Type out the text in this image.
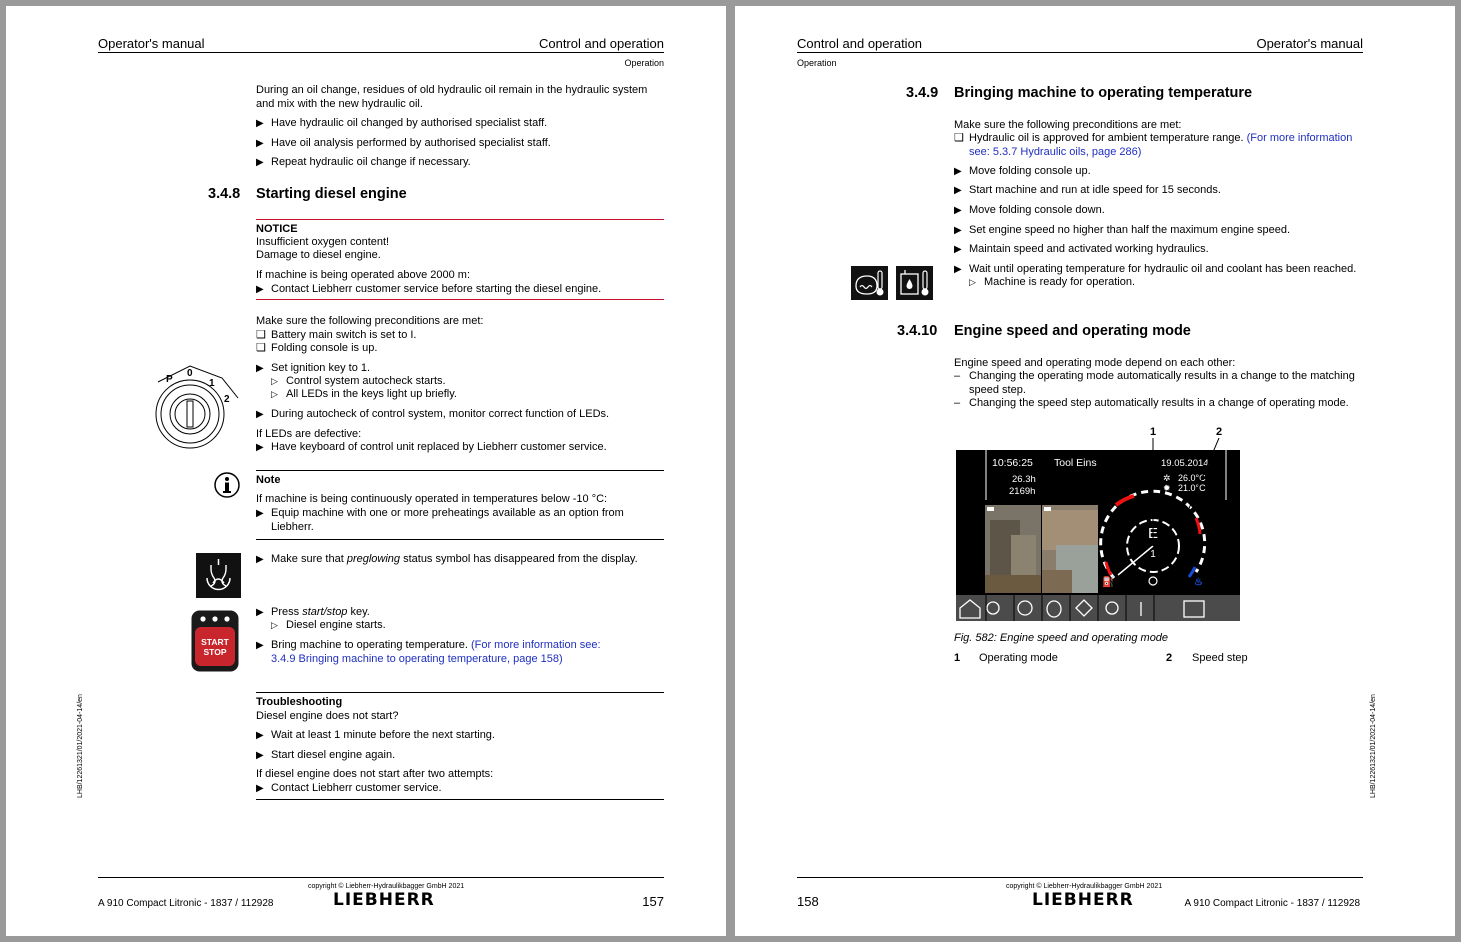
Operator's manual	Control and operation
Operation
During an oil change, residues of old hydraulic oil remain in the hydraulic system and mix with the new hydraulic oil.
▶ Have hydraulic oil changed by authorised specialist staff.
▶ Have oil analysis performed by authorised specialist staff.
▶ Repeat hydraulic oil change if necessary.
3.4.8 Starting diesel engine
NOTICE
Insufficient oxygen content!
Damage to diesel engine.
If machine is being operated above 2000 m:
▶ Contact Liebherr customer service before starting the diesel engine.
Make sure the following preconditions are met:
❑ Battery main switch is set to I.
❑ Folding console is up.
P
0
1
2
▶ Set ignition key to 1.
▷ Control system autocheck starts.
▷ All LEDs in the keys light up briefly.
▶ During autocheck of control system, monitor correct function of LEDs.
If LEDs are defective:
▶ Have keyboard of control unit replaced by Liebherr customer service.
Note
If machine is being continuously operated in temperatures below -10 °C:
▶ Equip machine with one or more preheatings available as an option from Liebherr.
▶ Make sure that preglowing status symbol has disappeared from the display.
START
STOP
▶ Press start/stop key.
▷ Diesel engine starts.
▶ Bring machine to operating temperature. (For more information see: 3.4.9 Bringing machine to operating temperature, page 158)
Troubleshooting
Diesel engine does not start?
▶ Wait at least 1 minute before the next starting.
▶ Start diesel engine again.
If diesel engine does not start after two attempts:
▶ Contact Liebherr customer service.
LHB/12261321/01/2021-04-14/en
copyright © Liebherr-Hydraulikbagger GmbH 2021
A 910 Compact Litronic - 1837 / 112928	LIEBHERR	157
Control and operation	Operator's manual
Operation
3.4.9 Bringing machine to operating temperature
Make sure the following preconditions are met:
❑ Hydraulic oil is approved for ambient temperature range. (For more information see: 5.3.7 Hydraulic oils, page 286)
▶ Move folding console up.
▶ Start machine and run at idle speed for 15 seconds.
▶ Move folding console down.
▶ Set engine speed no higher than half the maximum engine speed.
▶ Maintain speed and activated working hydraulics.
▶ Wait until operating temperature for hydraulic oil and coolant has been reached.
▷ Machine is ready for operation.
3.4.10 Engine speed and operating mode
Engine speed and operating mode depend on each other:
– Changing the operating mode automatically results in a change to the matching speed step.
– Changing the speed step automatically results in a change of operating mode.
1	2
10:56:25 Tool Eins	19.05.2014
26.3h
2169h
✲ 26.0°C
✹ 21.0°C
E
1
⛽	♨
Fig. 582: Engine speed and operating mode
1 Operating mode	2 Speed step
LHB/12261321/01/2021-04-14/en
copyright © Liebherr-Hydraulikbagger GmbH 2021
158	LIEBHERR	A 910 Compact Litronic - 1837 / 112928
